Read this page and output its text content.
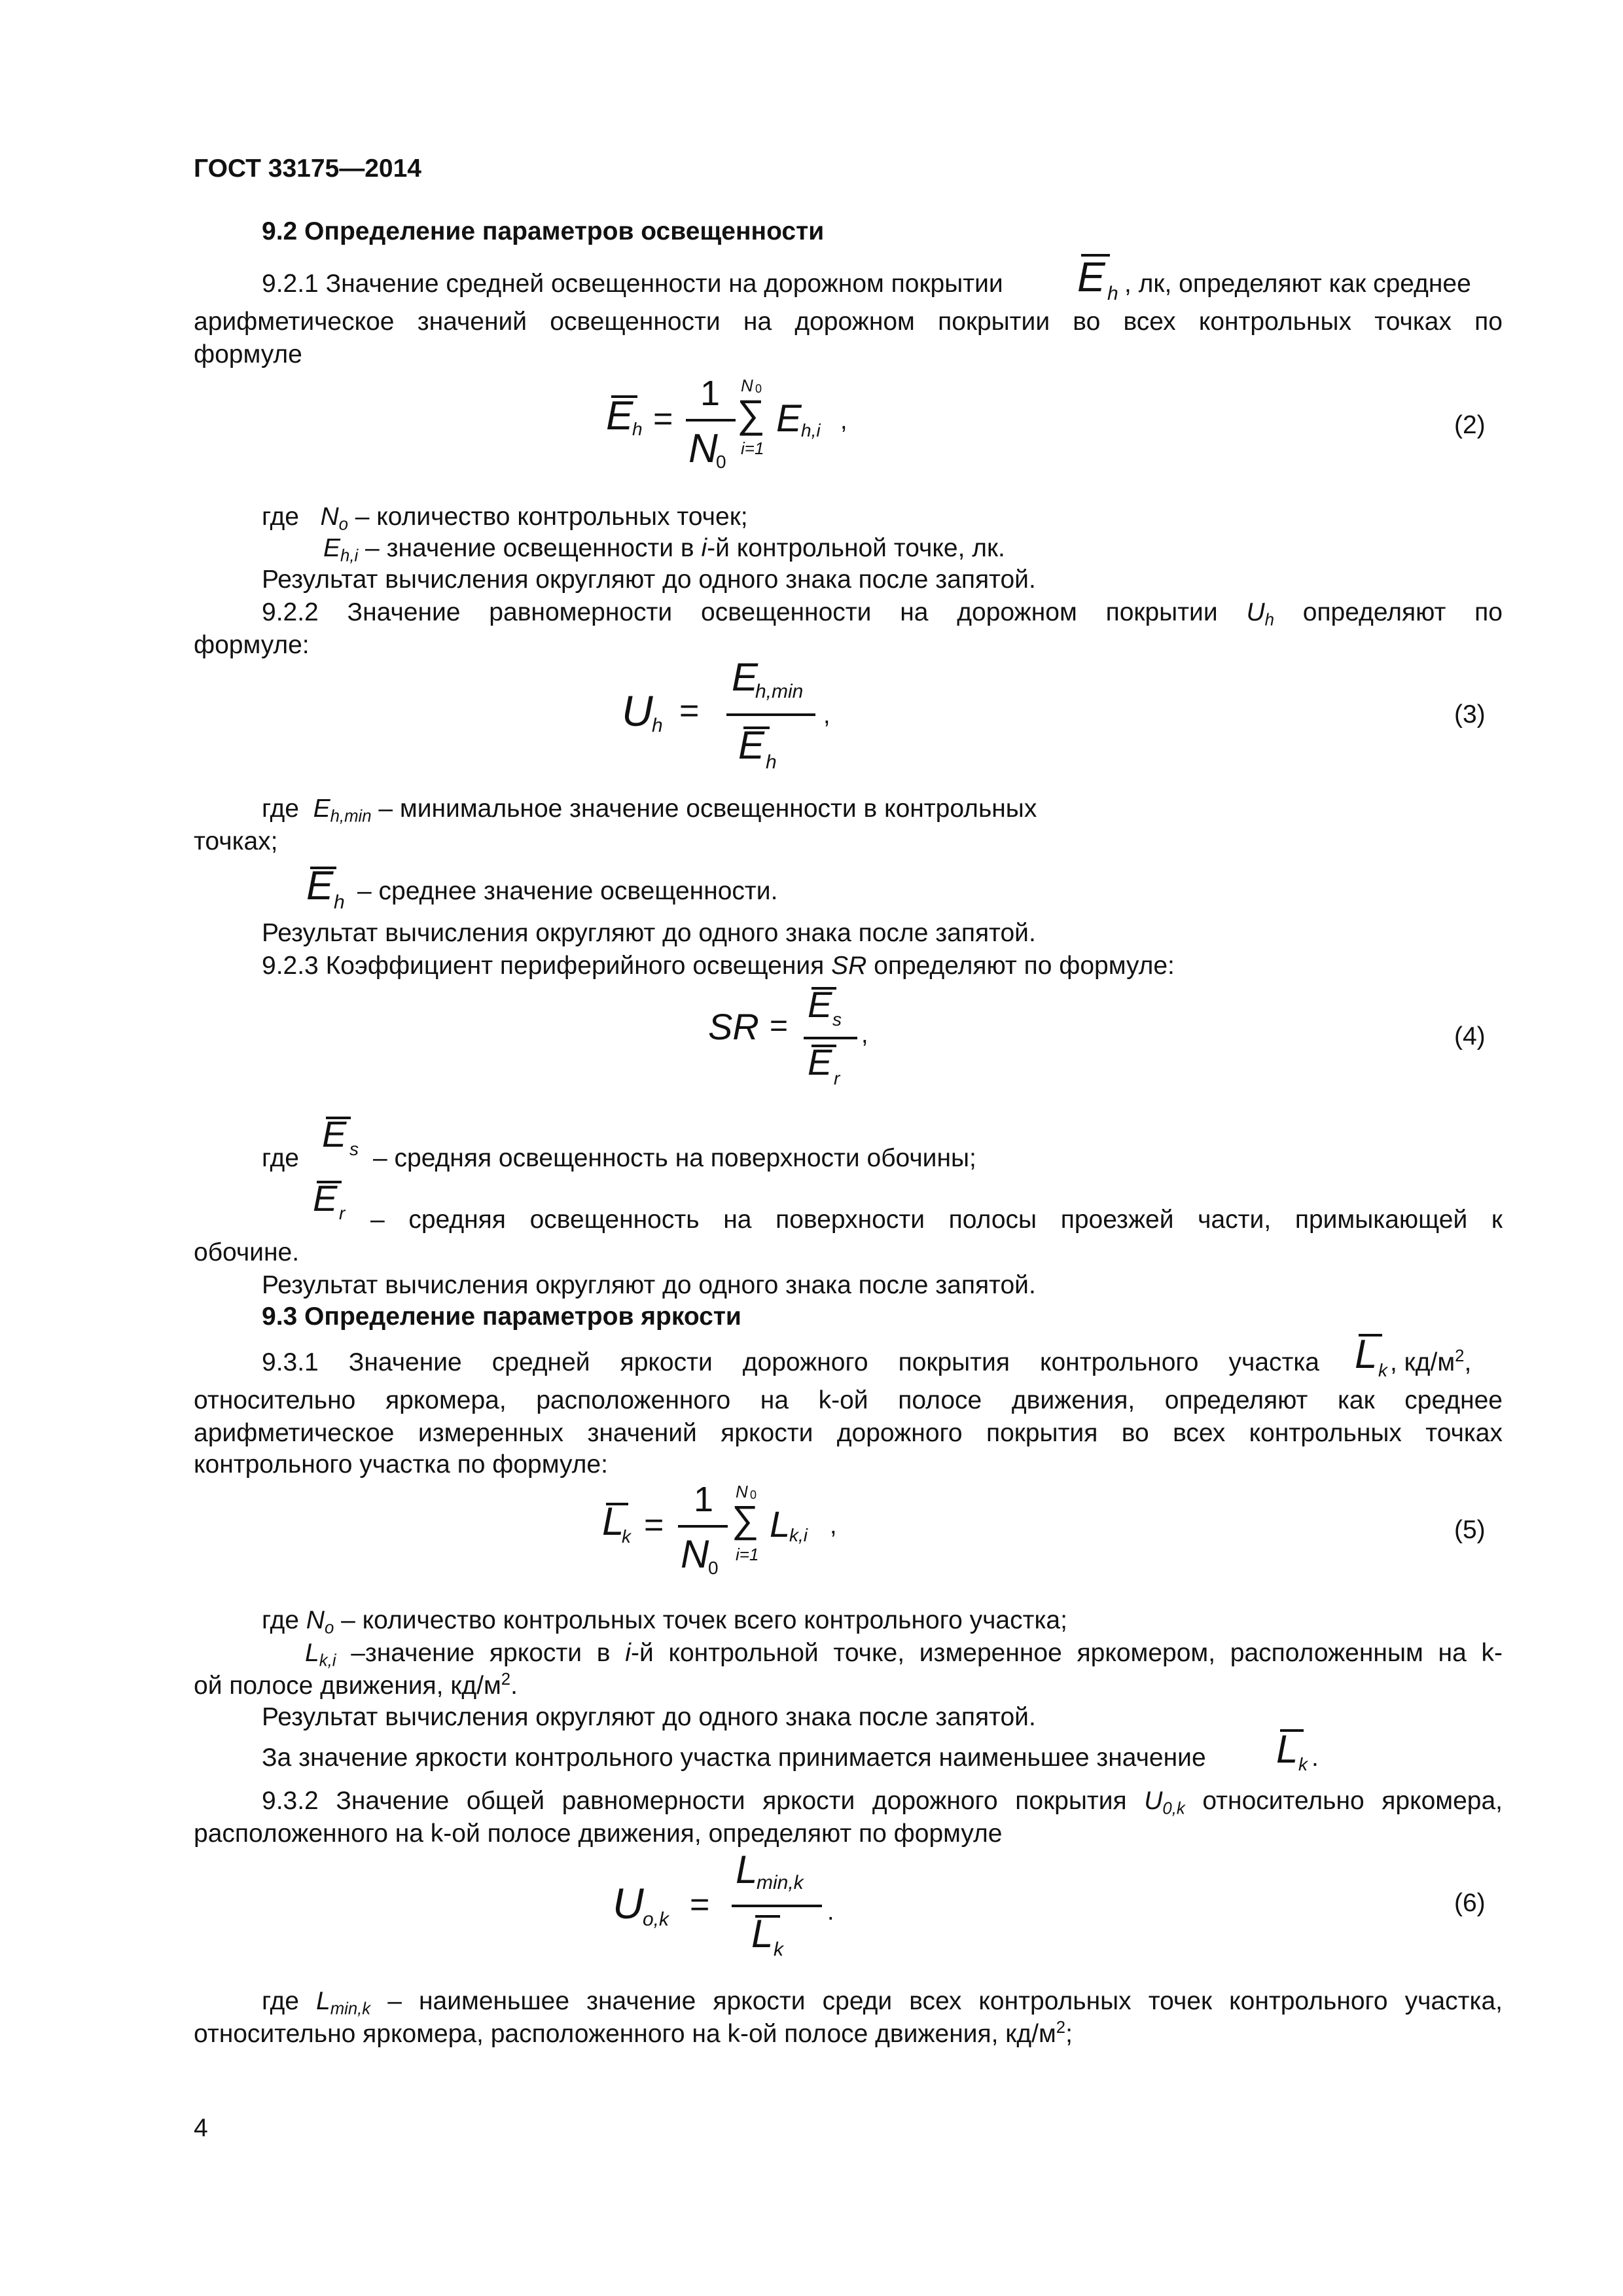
ГОСТ 33175—2014
9.2 Определение параметров освещенности
9.2.1 Значение средней освещенности на дорожном покрытии E h , лк, определяют как среднее
арифметическое значений освещенности на дорожном покрытии во всех контрольных точках по
формуле
E
h =
1
N
0
N 0
∑
i=1
E h,i ,	(2)
где $N_o$ – количество контрольных точек;
$E_{h,i}$ – значение освещенности в i-й контрольной точке, лк.
Результат вычисления округляют до одного знака после запятой.
9.2.2 Значение равномерности освещенности на дорожном покрытии $U_h$ определяют по
формуле:
U
h =
E
h,min
E h
,	(3)
где $E_{h,min}$ – минимальное значение освещенности в контрольных
точках;
E h – среднее значение освещенности.
Результат вычисления округляют до одного знака после запятой.
9.2.3 Коэффициент периферийного освещения SR определяют по формуле:
SR =
E s
E r
,	(4)
где
E s – средняя освещенность на поверхности обочины;
E r – средняя освещенность на поверхности полосы проезжей части, примыкающей к
обочине.
Результат вычисления округляют до одного знака после запятой.
9.3 Определение параметров яркости
9.3.1 Значение средней яркости дорожного покрытия контрольного участка L k , $кд/м^2$,
относительно яркомера, расположенного на k-ой полосе движения, определяют как среднее
арифметическое измеренных значений яркости дорожного покрытия во всех контрольных точках
контрольного участка по формуле:
L
k =
1
N
0
N 0
∑
i=1
L
k,i ,	(5)
где $N_o$ – количество контрольных точек всего контрольного участка;
$L_{k,i}$ –значение яркости в i-й контрольной точке, измеренное яркомером, расположенным на k-
ой полосе движения, $кд/м^2$.
Результат вычисления округляют до одного знака после запятой.
За значение яркости контрольного участка принимается наименьшее значение L k .
9.3.2 Значение общей равномерности яркости дорожного покрытия $U_{0,k}$ относительно яркомера,
расположенного на k-ой полосе движения, определяют по формуле
U
o,k =
L
min,k
L k
.	(6)
где $L_{min,k}$ – наименьшее значение яркости среди всех контрольных точек контрольного участка,
относительно яркомера, расположенного на k-ой полосе движения, $кд/м^2$;
4
